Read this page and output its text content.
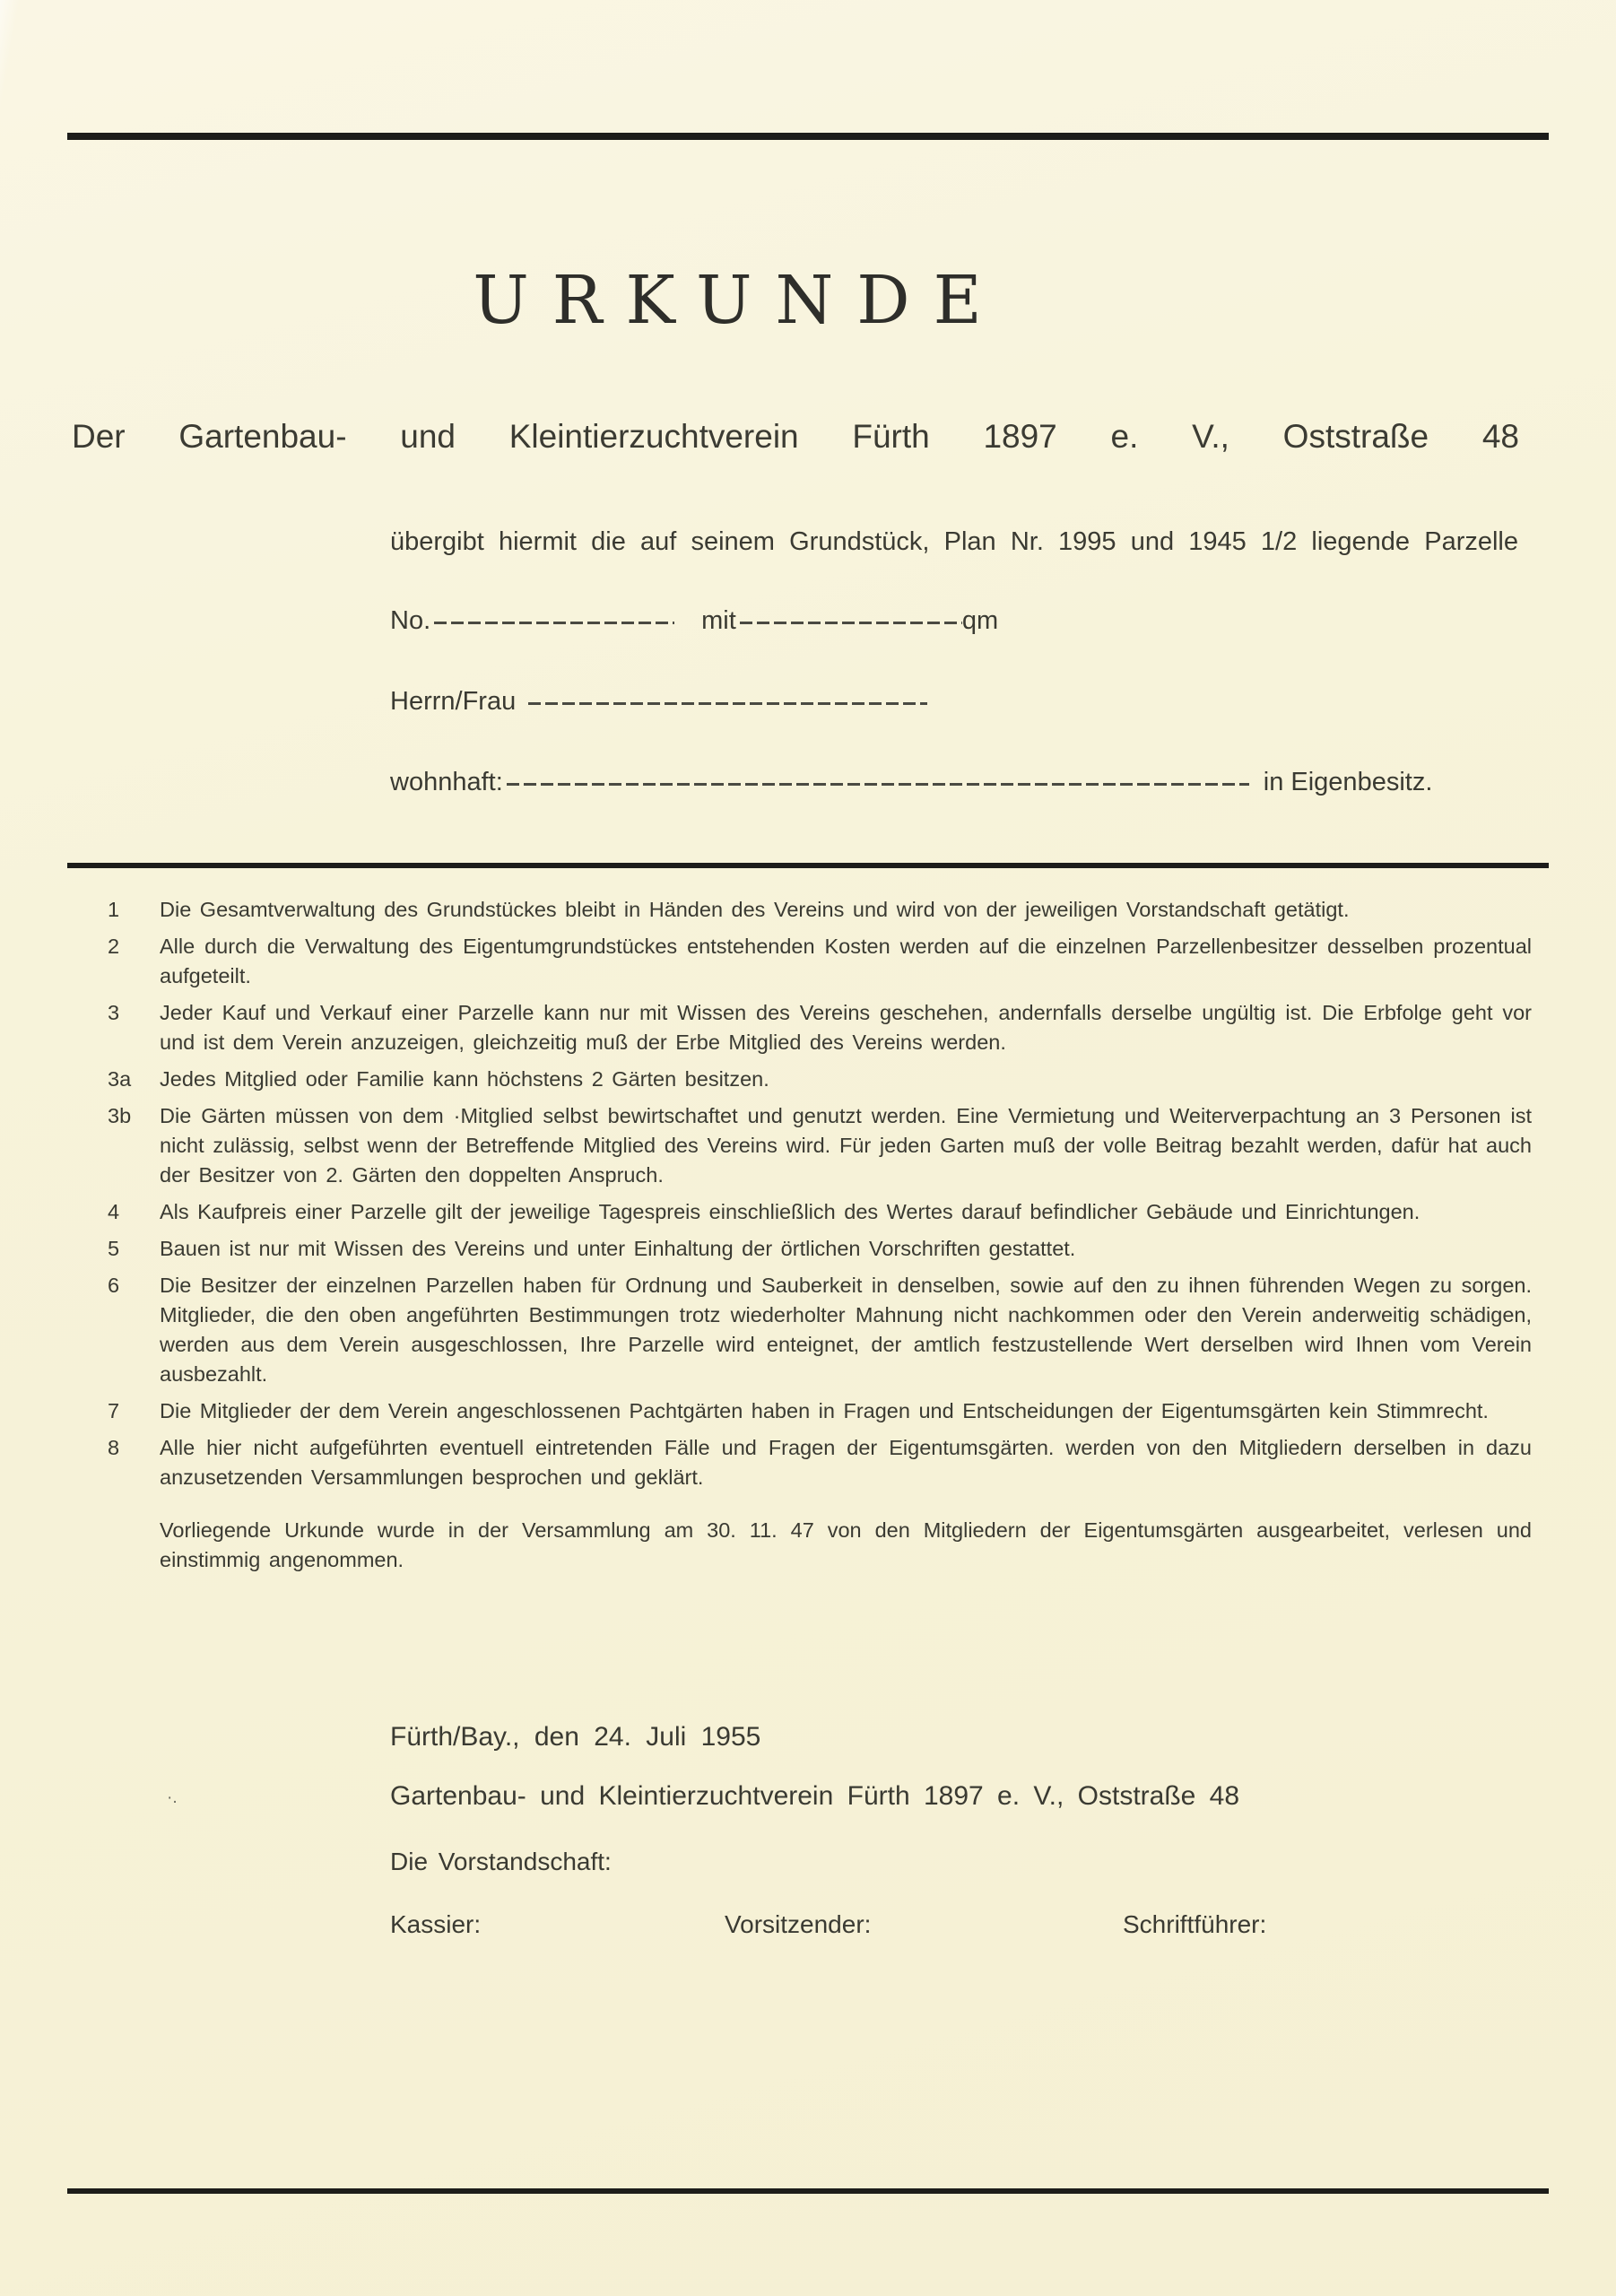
URKUNDE
Der Gartenbau- und Kleintierzuchtverein Fürth 1897 e. V., Oststraße 48

übergibt hiermit die auf seinem Grundstück, Plan Nr. 1995 und 1945 1/2 liegende Parzelle

No.	mit	qm
Herrn/Frau
wohnhaft:	in Eigenbesitz.
1	Die Gesamtverwaltung des Grundstückes bleibt in Händen des Vereins und wird von der jeweiligen Vorstandschaft getätigt.
2	Alle durch die Verwaltung des Eigentumgrundstückes entstehenden Kosten werden auf die einzelnen Parzellenbesitzer desselben prozentual aufgeteilt.
3	Jeder Kauf und Verkauf einer Parzelle kann nur mit Wissen des Vereins geschehen, andernfalls derselbe ungültig ist. Die Erbfolge geht vor und ist dem Verein anzuzeigen, gleichzeitig muß der Erbe Mitglied des Vereins werden.
3a	Jedes Mitglied oder Familie kann höchstens 2 Gärten besitzen.
3b	Die Gärten müssen von dem ·Mitglied selbst bewirtschaftet und genutzt werden. Eine Vermietung und Weiterverpachtung an 3 Personen ist nicht zulässig, selbst wenn der Betreffende Mitglied des Vereins wird. Für jeden Garten muß der volle Beitrag bezahlt werden, dafür hat auch der Besitzer von 2. Gärten den doppelten Anspruch.
4	Als Kaufpreis einer Parzelle gilt der jeweilige Tagespreis einschließlich des Wertes darauf befindlicher Gebäude und Einrichtungen.
5	Bauen ist nur mit Wissen des Vereins und unter Einhaltung der örtlichen Vorschriften gestattet.
6	Die Besitzer der einzelnen Parzellen haben für Ordnung und Sauberkeit in denselben, sowie auf den zu ihnen führenden Wegen zu sorgen. Mitglieder, die den oben angeführten Bestimmungen trotz wiederholter Mahnung nicht nachkommen oder den Verein anderweitig schädigen, werden aus dem Verein ausgeschlossen, Ihre Parzelle wird enteignet, der amtlich festzustellende Wert derselben wird Ihnen vom Verein ausbezahlt.
7	Die Mitglieder der dem Verein angeschlossenen Pachtgärten haben in Fragen und Entscheidungen der Eigentumsgärten kein Stimmrecht.
8	Alle hier nicht aufgeführten eventuell eintretenden Fälle und Fragen der Eigentumsgärten. werden von den Mitgliedern derselben in dazu anzusetzenden Versammlungen besprochen und geklärt.

Vorliegende Urkunde wurde in der Versammlung am 30. 11. 47 von den Mitgliedern der Eigentumsgärten ausgearbeitet, verlesen und einstimmig angenommen.

Fürth/Bay., den 24. Juli 1955
·.	Gartenbau- und Kleintierzuchtverein Fürth 1897 e. V., Oststraße 48
Die Vorstandschaft:
Kassier:	Vorsitzender:	Schriftführer:
